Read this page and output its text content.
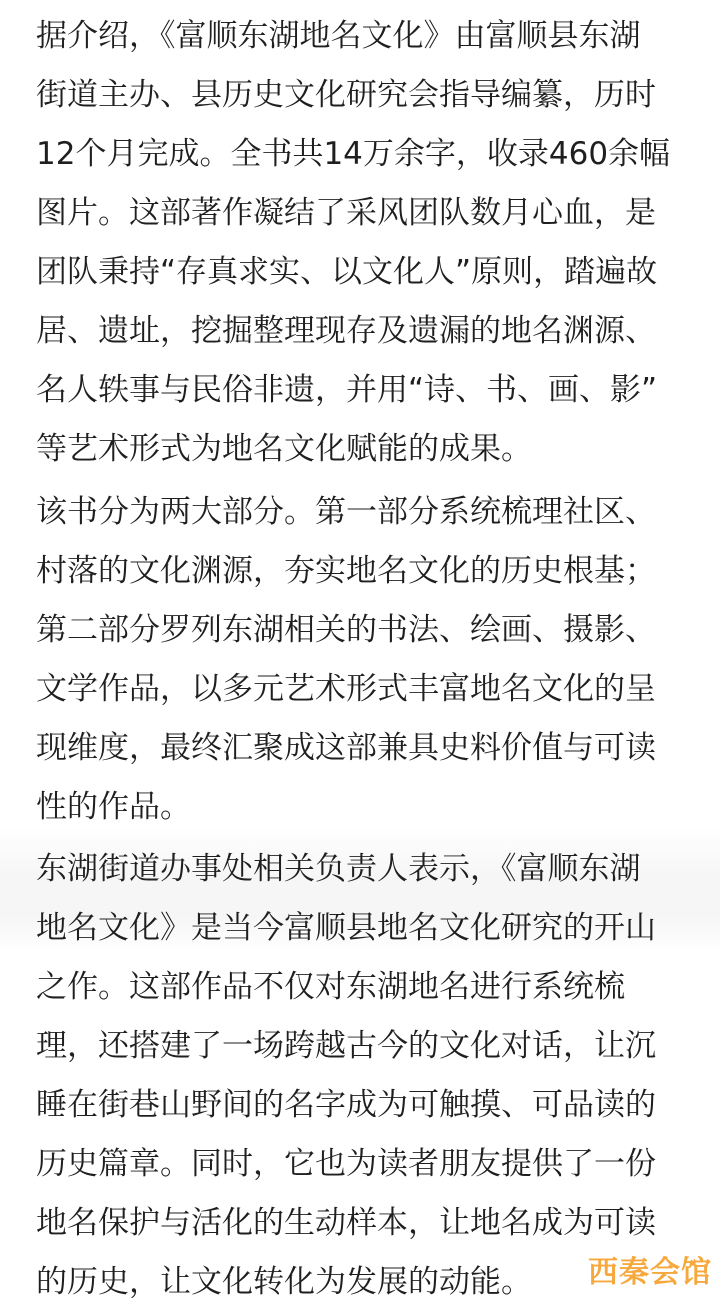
据介绍，《富顺东湖地名文化》由富顺县东湖
街道主办、县历史文化研究会指导编纂，历时
12个月完成。全书共14万余字，收录460余幅
图片。这部著作凝结了采风团队数月心血，是
团队秉持“存真求实、以文化人”原则，踏遍故
居、遗址，挖掘整理现存及遗漏的地名渊源、
名人轶事与民俗非遗，并用“诗、书、画、影”
等艺术形式为地名文化赋能的成果。
该书分为两大部分。第一部分系统梳理社区、
村落的文化渊源，夯实地名文化的历史根基；
第二部分罗列东湖相关的书法、绘画、摄影、
文学作品，以多元艺术形式丰富地名文化的呈
现维度，最终汇聚成这部兼具史料价值与可读
性的作品。
东湖街道办事处相关负责人表示，《富顺东湖
地名文化》是当今富顺县地名文化研究的开山
之作。这部作品不仅对东湖地名进行系统梳
理，还搭建了一场跨越古今的文化对话，让沉
睡在街巷山野间的名字成为可触摸、可品读的
历史篇章。同时，它也为读者朋友提供了一份
地名保护与活化的生动样本，让地名成为可读
的历史，让文化转化为发展的动能。	西秦会馆
